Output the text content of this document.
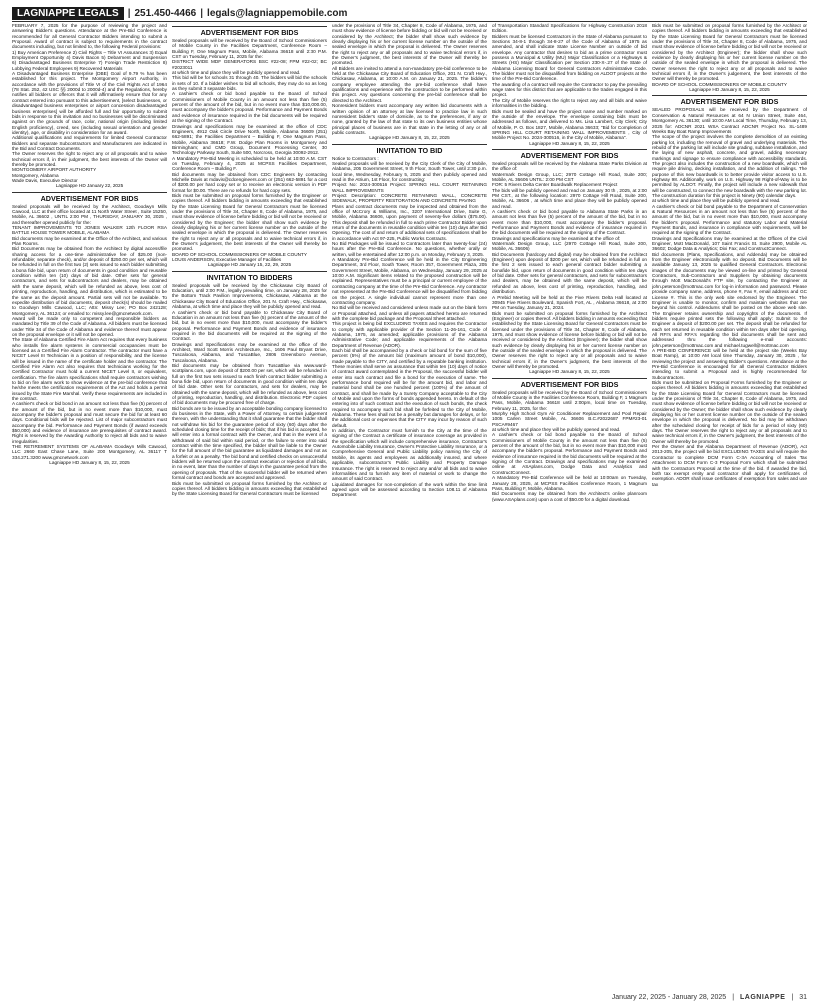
LAGNIAPPE LEGALS | 251.450-4466 | legals@lagniappemobile.com

FEBRUARY 7, 2025 for the purpose of reviewing the project and answering Bidder's questions. Attendance at the Pre-Bid Conference is recommended for all General Contractor Bidders intending to submit a Proposal. Award of contract is subject to requirements in the contract documents including, but not limited to, the following Federal provisions:

1) Buy American Preference 2) Civil Rights – Title VI Assurances 3) Equal Employment Opportunity 4) Davis Bacon 5) Debarment and Suspension 6) Disadvantaged Business Enterprise 7) Foreign Trade Restriction 8) Lobbying Federal Employees 9) Recovered Materials

A Disadvantaged Business Enterprise (DBE) Goal of 9.79 % has been established for this project. The Montgomery Airport Authority, in accordance with the provisions of Title VI of the Civil Rights Act of 1964 (78 Stat. 252, 42 USC §§ 2000d to 2000d-4) and the Regulations, hereby notifies all bidders or offerors that it will affirmatively ensure that for any contract entered into pursuant to this advertisement, [select businesses, or disadvantaged business enterprises or airport concession disadvantaged business enterprises] will be afforded full and fair opportunity to submit bids in response to this invitation and no businesses will be discriminated against on the grounds of race, color, national origin (including limited English proficiency), creed, sex (including sexual orientation and gender identity), age, or disability in consideration for an award.

Additional qualifications and requirements for limited General Contractor Bidders and separate Subcontractors and Manufacturers are indicated in the Bid and Contract Documents.

The Owner reserves the right to reject any or all proposals and to waive technical errors if, in their judgment, the best interests of the Owner will thereby be promoted.

MONTGOMERY AIRPORT AUTHORITY

Montgomery, Alabama

Wade Davis, Executive Director

Lagniappe HD January 22, 2025

ADVERTISEMENT FOR BIDS

Sealed proposals will be received by the Architect, Goodwyn Mills Cawood, LLC at their office located at 11 North Water Street , Suite 15250, Mobile, AL 36602 , UNTIL 2:00 PM , THURSDAY, JANUARY 30, 2025 , and thereafter opened publicly for the:

TENANT IMPROVEMENTS TO JONES WALKER 12th FLOOR RSA BATTLE HOUSE TOWER MOBILE, ALABAMA

Bid documents may be examined at the Office of the Architect, and various Plan Rooms.

Bid Documents may be obtained from the Architect by digital access/file sharing access for a one-time administrative fee of $25.00 (non-refundable; separate check), and/or deposit of $250.00 per set, which will be refunded in full on the first two (2) sets issued to each bidder submitting a bona fide bid, upon return of documents in good condition and reusable condition within ten (10) days of bid date. Other sets for general contractors, and sets for subcontractors and dealers, may be obtained with the same deposit, which will be refunded as above, less cost of printing, reproduction, handling, and distribution, which is estimated to be the same as the deposit amount. Partial sets will not be available. To expedite distribution of bid documents, deposit check(s) should be mailed to Goodwyn Mills Cawood, LLC; Attn: Missy Lee; PO Box 242128; Montgomery, AL 36124; or emailed to: missy.lee@gmcnetwork.com.

Award will be made only to competent and responsible bidders as mandated by Title 39 of the Code of Alabama. All bidders must be licensed under Title 34 of the Code of Alabama and evidence thereof must appear on the proposal envelope or it will not be opened.

The State of Alabama Certified Fire Alarm Act requires that every business who installs fire alarm systems in commercial occupancies must be licensed as a Certified Fire Alarm Contractor. The contractor must have a NICET Level III Technician in a position of responsibility, and the license will be issued in the name of the certificate holder and the contractor. The Certified Fire Alarm Act also requires that technicians working for the Certified Contractor must hold a current NICET Level II, or equivalent, certification. The fire alarm specifications shall require contractors wishing to bid on fire alarm work to show evidence at the pre-bid conference that he/she meets the certification requirements of the Act and holds a permit issued by the State Fire Marshal. Verify these requirements are included in the contract.

A cashier's check or bid bond in an amount not less than five (5) percent of the amount of the bid, but in no event more than $10,000, must accompany the bidder's proposal and must secure the bid for at least 60 days. Conditional bids will be rejected. List of major subcontractors must accompany the bid. Performance and Payment Bonds (if award exceeds $50,000) and evidence of insurance are prerequisites of contract award. Right is reserved by the Awarding Authority to reject all bids and to waive irregularities.

THE RETIREMENT SYSTEMS OF ALABAMA Goodwyn Mills Cawood, LLC 2660 East Chase Lane, Suite 200 Montgomery, AL 36117 T 334.271.3200 www.gmcnetwork.com

Lagniappe HD January 8, 15, 22, 2025

ADVERTISEMENT FOR BIDS

Sealed proposals will be received by the Board of School Commissioners of Mobile County in the Facilities Department, Conference Room – Building F, One Magnum Pass, Mobile, Alabama 36618 until 2:30 P.M. CST on Tuesday, February 11, 2025 for the:

DISTRICT WIDE MDF GENERATORS BSC #22-08; FPM #22-02; BC #2023011

at which time and place they will be publicly opened and read.

This bid will be for schools 31 through 40. The bidders will bid the schools in sets of 10. If a bidder wishes to bid all schools, they may do so as long as they submit 3 separate bids.

A cashier's check or bid bond payable to the Board of School Commissioners of Mobile County in an amount not less than five (5) percent of the amount of the bid, but in no event more than $10,000.00, must accompany the bidder's proposal. Performance and Payment Bonds and evidence of insurance required in the bid documents will be required at the signing of the Contract.

Drawings and specifications may be examined at the office of CDC Engineers, 4912 Oak Circle Drive North, Mobile, Alabama 36609 (251) 662-5891; the Facilities Department – Building F, One Magnum Pass, Mobile, Alabama 36618; F.W. Dodge Plan Rooms in Montgomery and Birmingham; and CMD Group, Document Processing Center, 30 Technology Parkway South, Suite 500, Norcross, Georgia 30092-2912.

A Mandatory Pre-Bid Meeting is scheduled to be held at 10:00 A.M. CST on Tuesday, February 4, 2025 at MCPSS Facilities Department, Conference Room – Building F.

Bid documents may be obtained from CDC Engineers by contacting Michelle Davis at mdavis@cdcengineers.com or (251) 662-5891 for a cost of $200.00 per hard copy set or to receive an electronic version in PDF format for $0.00. There are no refunds for hard copy sets.

Bids must be submitted on proposal forms furnished by the Engineer or copies thereof. All bidders bidding in amounts exceeding that established by the State Licensing Board for General Contractors must be licensed under the provisions of Title 34, Chapter 8, Code of Alabama, 1975, and must show evidence of license before bidding or bid will not be received or considered by the Engineer; the bidder shall show such evidence by clearly displaying his or her current license number on the outside of the sealed envelope in which the proposal is delivered. The Owner reserves the right to reject any or all proposals and to waive technical errors if, in the Owner's judgement, the best interests of the Owner will thereby be promoted.

BOARD OF SCHOOL COMMISSIONERS OF MOBILE COUNTY

LOUIS ANDERSON, Executive Manager of Facilities

Lagniappe HD January 15, 22, 29, 2025

INVITATION TO BIDDERS

Sealed proposals will be received by the Chickasaw City Board of Education, until 2:00 P.M., legally prevailing time, on January 28, 2025 for the Bottom Track Pavilion Improvements, Chickasaw, Alabama at the Chickasaw City Board of Education Office, 201 N. Craft Hwy., Chickasaw, Alabama, at which time and place they will be publicly opened and read.

A cashier's check or bid bond payable to Chickasaw City Board of Education in an amount not less than five (5) percent of the amount of the bid, but in no event more than $10,000, must accompany the bidder's proposal. Performance and Payment Bonds and evidence of insurance required in the bid documents will be required at the signing of the Contract.

Drawings and Specifications may be examined at the office of the Architect, Ward Scott Morris Architecture, Inc., 1606 Paul Bryant Drive, Tuscaloosa, Alabama, and TuscaBlue, 2806 Greensboro Avenue, Tuscaloosa, Alabama.

Bid documents may be obtained from TuscaBlue via www.ward-scottplans.com, upon deposit of $200.00 per set, which will be refunded in full on the first two sets issued to each finish contract bidder submitting a bona fide bid, upon return of documents in good condition within ten days of bid date. Other sets for contractors, and sets for dealers, may be obtained with the same deposit, which will be refunded as above, less cost of printing, reproduction, handling, and distribution. Electronic PDF copies of bid documents may be procured free of charge.

Bid bonds are to be issued by an acceptable bonding company licensed to do business in the State, with a Power of Attorney, to certain judgement thereon, with the understanding that it shall guarantee that the bidder shall not withdraw his bid for the guarantee period of sixty (60) days after the scheduled closing time for the receipt of bids; that if his bid is accepted, he will enter into a formal contract with the Owner, and that in the event of a withdrawal of said bid within said period, or the failure to enter into said contract within the time specified, the bidder shall be liable to the Owner for the full amount of the bid guarantee as liquidated damages and not as a forfeit or as a penalty. The bid bond and certified checks on unsuccessful bidders will be returned upon the contract execution or rejection of all bids, in no event, later than the number of days in the guarantee period from the opening of proposals. That of the successful bidder will be returned when formal contract and bonds are accepted and approved.

Bids must be submitted on proposal forms furnished by the Architect or copies thereof. All bidders bidding in amounts exceeding that established by the State Licensing Board for General Contractors must be licensed

under the provisions of Title 34, Chapter 8, Code of Alabama, 1975, and must show evidence of license before bidding or bid will not be received or considered by the Architect; the bidder shall show such evidence by clearly displaying his or her current license number on the outside of the sealed envelope in which the proposal is delivered. The Owner reserves the right to reject any or all proposals and to waive technical errors if, in the Owner's judgment, the best interests of the Owner will thereby be promoted.

All Bidders are invited to attend a non-mandatory pre-bid conference to be held at the Chickasaw City Board of Education Office, 201 N. Craft Hwy., Chickasaw, Alabama, at 10:00 A.M. on January 21, 2025. The bidder's company employee attending the pre-bid conference shall have qualifications and experience with the construction to be performed within this project. Any questions concerning the pre-bid conference shall be directed to the Architect.

Nonresident bidders must accompany any written bid documents with a written opinion of an attorney at law licensed to practice law in such nonresident bidder's state of domicile, as to the preferences, if any or none, granted by the law of that state to its own business entities whose principal places of business are in that state in the letting of any or all public contracts.

Lagniappe HD January 8, 15, 22, 2025

INVITATION TO BID

Notice to Contractors :

Sealed proposals will be received by the City Clerk of the City of Mobile, Alabama, 205 Government Street, 9 th Floor, South Tower, until 2:30 p.m. local time, Wednesday, February 5, 2025 and then publicly opened and read in the Atrium, 1st Floor, for constructing:

Project No: 2024-300516 Project: SPRING HILL COURT RETAINING WALL IMPROVEMENTS

Project Description: CONCRETE RETAINING WALL, CONCRETE SIDEWALK, PROPERTY RESTORATION AND CONCRETE PAVING

Plans and contract documents may be inspected and obtained from the office of McCrory & Williams, Inc., 3207 International Drive, Suite G, Mobile, Alabama 36606, upon payment of seventy-five dollars ($75.00). This deposit shall be refunded in full to each prime Contractor Bidder upon return of the documents in reusable condition within ten (10) days after Bid Opening. The cost of and return of additional sets of specifications shall be in accordance with Act 97-225, Public Works Contracts.

No Bid Packages will be issued to Contractors later than twenty-four (24) hours after the Pre-Bid Conference. No questions, whether orally or written, will be entertained after 12:00 p.m. on Monday, February 3, 2025.

A Mandatory Pre-Bid Conference will be held in the City Engineering Department, 3rd Floor, South Tower, Room 357, Government Plaza, 205 Government Street, Mobile, Alabama, on Wednesday, January 29, 2025 at 10:00 A.M. Significant items related to the proposed construction will be explained. Representatives must be a principal or current employee of the contracting company at the time of the Pre-Bid Conference. Any contractor not represented at the Pre-Bid Conference will be disqualified from bidding on the project. A single individual cannot represent more than one contracting company.

No Bid will be received and considered unless made out on the blank form or Proposal attached, and unless all papers attached hereto are returned with the complete bid package and the Proposal Sheet attached.

This project is being bid EXCLUDING TAXES and requires the Contractor to comply with applicable provider of the Section 11-26-161, Code of Alabama, 1975, as amended; applicable provisions of the Alabama Administrative Code; and applicable requirements of the Alabama Department of Revenue (ADOR).

Each bid shall be accompanied by a check or bid bond for the sum of five percent (5%) of the amount bid (maximum amount of bond $10,000), made payable to the CITY, and certified by a reputable banking institution. These monies shall serve as assurance that within ten (10) days of notice of contract award contemplated in the Proposal, the successful bidder will enter into such contract and file a bond for the execution of same. The performance bond required will be for the amount bid, and labor and material bond shall be one hundred percent (100%) of the amount of contract, and shall be made by a Surety Company acceptable to the City of Mobile and upon the forms of bonds appended hereto. In default of the entering into of such contract and the execution of such bonds, the check required to accompany such bid shall be forfeited to the City of Mobile, Alabama. These fees shall not be a penalty but damages for delays, or for the additional cost or expenses that the CITY may incur by reason of such default.

In addition, the Contractor must furnish to the City at the time of the signing of the Contract a certificate of insurance coverage as provided in the specification which will include comprehensive insurance, Contractor's Automobile Liability Insurance, Owner's Protective Liability Insurance, or a Comprehensive General and Public Liability policy naming the City of Mobile, its agents and employees as additionally insured, and where applicable, subcontractor's Public Liability and Property Damage Insurance. The right is reserved to reject any and/or all bids and to waive informalities and to furnish any item of material or work to change the amount of said Contract.

Liquidated damages for non-completion of the work within the time limit agreed upon will be assessed according to Section 108.11 of Alabama Department

of Transportation Standard Specifications for Highway Construction 2018 Edition.

Bidders must be licensed Contractors in the State of Alabama pursuant to Sections 34-8-1 through 34-8-27 of the Code of Alabama of 1975 as amended, and shall indicate State License Number on outside of bid envelope. Any contractor that desires to bid as a prime contractor must possess a Municipal & Utility (MU) Major Classification or a Highways & Streets (HS) Major Classification per Section 230-X-.27 of the State of Alabama Licensing Board for General Contractors Administrative Code. The bidder must not be disqualified from bidding on ALDOT projects at the time of the Pre-Bid Conference.

The awarding of a contract will require the Contractor to pay the prevailing wage rates for this district that are applicable to the trades engaged in this project.

The City of Mobile reserves the right to reject any and all bids and waive informalities in the bidding.

Bids must be sealed and have the project name and number marked on the outside of the envelope. The envelope containing bids must be addressed as follows, and delivered to Ms. Lisa Lambert, City Clerk; City of Mobile, P. O. Box 1827, Mobile, Alabama 36633; "Bid for Completion of SPRING HILL COURT RETAINING WALL IMPROVEMENTS , City of Mobile Project No. 2024-300516, in the City of Mobile, Alabama".

Lagniappe HD January 8, 15, 22, 2025

ADVERTISEMENT FOR BIDS

Sealed proposals will be received by the Alabama State Parks Division at the office of:

Watermark Design Group, LLC; 2970 Cottage Hill Road, Suite 200; Mobile, AL 36606 UNTIL: 2:00 PM CST

FOR: 5 Rivers Delta Center Boardwalk Replacement Project

The bids will be publicly opened and read on January 30 th , 2025, at 2:00 PM CST., at the following location: 2970 Cottage Hill Road, Suite 200, Mobile, AL 36606 , at which time and place they will be publicly opened and read.

A cashier's check or bid bond payable to Alabama State Parks in an amount not less than five (5) percent of the amount of the bid, but in no event more than $10,000, must accompany the bidder's proposal. Performance and Payment Bonds and evidence of insurance required in the bid documents will be required at the signing of the Contract.

Drawings and specifications may be examined at the office of:

Watermark Design Group, LLC (2970 Cottage Hill Road, Suite 200, Mobile, AL 36606)

Bid Documents (hardcopy and digital) may be obtained from the Architect (Engineer) upon deposit of $200 per set, which will be refunded in full on the first 2 sets issued to each general contract bidder submitting a bonafide bid, upon return of documents in good condition within ten days of bid date. Other sets for general contractors, and sets for subcontractors and dealers, may be obtained with the same deposit, which will be refunded as above, less cost of printing, reproduction, handling, and distribution.

A Prebid Meeting will be held at the Five Rivers Delta Hall located at 30945 Five Rivers Boulevard, Spanish Fort, AL , Alabama 36618, at 2:00 PM on Tuesday, January 21, 2024.

Bids must be submitted on proposal forms furnished by the Architect (Engineer) or copies thereof. All bidders bidding in amounts exceeding that established by the State Licensing Board for General Contractors must be licensed under the provisions of Title 34, Chapter 8, Code of Alabama, 1975, and must show evidence of license before bidding or bid will not be received or considered by the Architect (Engineer); the bidder shall show such evidence by clearly displaying his or her current license number on the outside of the sealed envelope in which the proposal is delivered. The Owner reserves the right to reject any or all proposals and to waive technical errors if, in the Owner's judgment, the best interests of the Owner will thereby be promoted.

Lagniappe HD January 8, 15, 22, 2025

ADVERTISEMENT FOR BIDS

Sealed proposals will be received by the Board of School Commissioners of Mobile County in the Facilities Conference Room, Building F, 1 Magnum Pass, Mobile, Alabama 36618 until 2:00pm, local time on Tuesday, February 11, 2025, for the:

Murphy High School Gym Air Conditioner Replacement and Pool Repair 1005 Carlen Street Mobile, AL 36606 B.C.#2022687 FPM#23-01 PSCA#9467

at which time and place they will be publicly opened and read.

A cashier's check or bid bond payable to the Board of School Commissioners of Mobile County in the amount not less than five (5) percent of the amount of the bid, but in no event more than $10,000 must accompany the bidder's proposal. Performance and Payment Bonds and evidence of insurance required in the bid documents will be required at the signing of the Contract. Drawings and specifications may be examined online at ASAplans.com, Dodge Data and Analytics and ConstructConnect.

A Mandatory Pre-Bid Conference will be held at 10:00am on Tuesday, January 28, 2025, at MCPSS Facilities Conference Room, 1 Magnum Pass, Building F, Mobile, Alabama.

Bid Documents may be obtained from the Architect's online planroom (www.ASAplans.com) upon a cost of $50.00 for a digital download.

Bids must be submitted on proposal forms furnished by the Architect or copies thereof. All bidders bidding in amounts exceeding that established by the State Licensing Board for General Contractors must be licensed under the provisions of Title 34, Chapter 8, Code of Alabama, 1975, and must show evidence of license before bidding or bid will not be received or considered by the Architect (Engineer); the bidder shall show such evidence by clearly displaying his or her current license number on the outside of the sealed envelope in which the proposal is delivered. The Owner reserves the right to reject any or all proposals and to waive technical errors if, in the Owner's judgement, the best interests of the Owner will thereby be promoted.

BOARD OF SCHOOL COMMISSIONERS OF MOBILE COUNTY

Lagniappe HD January 8, 15, 22, 2025

ADVERTISEMENT FOR BIDS

SEALED PROPOSALS will be received by the Department of Conservation & Natural Resources at 64 N Union Street, Suite 464, Montgomery AL 36130; until 10:00 AM Local Time, Thursday, February 13, 2025 for: ADCNR 2021 WSA Contract ADCNR Project No. SL-1489 Weeks Bay Boat Ramp Improvements

The scope of the project involves the complete demolition of an existing parking lot, including the removal of gravel and underlying materials. The rebuild of the parking lot will include site grading, subbase installation, and the laying of new asphalt, concrete, and gravel, adding necessary markings and signage to ensure compliance with accessibility standards. The project also includes the construction of a new boardwalk, which will require pile driving, decking installation, and the addition of railings. The purpose of this new boardwalk is to better provide visitor access to U.S. Highway 98. Additionally, work on U.S. Highway 98 Right-of-Way is to be permitted by ALDOT. Finally, the project will include a new sidewalk that will be constructed, to connect the new boardwalk with the new parking lot. The construction duration for this project is Ninety (90) calendar days.

at which time and place they will be publicly opened and read.

A cashier's check or bid bond payable to the Department of Conservation & Natural Resources in an amount not less than five (5) percent of the amount of the bid, but in no event more than $10,000, must accompany the bidder's proposal. Performance and statutory Labor and Material Payment Bonds, and insurance in compliance with requirements, will be required at the signing of the Contract.

Drawings and Specifications may be examined at the Offices of the Civil Engineer, Mott MacDonald, 107 Saint Francis St. Suite 2900, Mobile AL 36602; Dodge Data & Analytics; Dixi Fax; and ConstructConnect.

Bid documents (Plans, Specifications, and Addenda) may be obtained from the Engineer electronically with no deposit. Bid Documents will be available January 13, 2025 to qualified General Contractors. Electronic images of the documents may be viewed on-line and printed by General Contractors, Sub-Contractors and Suppliers by obtaining documents through Mott MacDonald's FTP site, by contacting the Engineer at john.peterson@mottmac.com for log-in information and password. Please provide company name, address, phone #, Fax #, email address and GC License #. This is the only web site endorsed by the Engineer. The Engineer is unable to monitor, confirm and maintain websites that are beyond his control. Addendums shall be posted on the above web site. The Engineer retains ownership and copyrights of the documents. If bidders require printed sets the following shall apply: Submit to the Engineer a deposit of $200.00 per set. The deposit shall be refunded for each set returned in reusable condition within ten days after bid opening. All RFI's and RFA's regarding the bid documents shall be sent and addressed thru the following e-mail accounts: john.peterson@mottmac.com and michael.tugwell@mottmac.com

A PRE-BID CONFERENCE will be held at the project site (Weeks Bay Boat Ramp), at 10:00 AM local time Thursday, January 30, 2025 , for reviewing the project and answering Bidder's questions. Attendance at the Pre-Bid Conference is encouraged for all General Contractor Bidders intending to submit a Proposal and is highly recommended for Subcontractors.

Bids must be submitted on Proposal Forms furnished by the Engineer or copies thereof. All bidders bidding in amounts exceeding that established by the State Licensing Board for General Contractors must be licensed under the provisions of Title 34, Chapter 8, Code of Alabama, 1975, and must show evidence of license before bidding or bid will not be received or considered by the Owner; the bidder shall show such evidence by clearly displaying his or her current license number on the outside of the sealed envelope in which the proposal is delivered. No bid may be withdrawn after the scheduled closing for receipt of bids for a period of sixty (60) days. The Owner reserves the right to reject any or all proposals and to waive technical errors if, in the Owner's judgment, the best interests of the Owner will thereby be promoted.

Per the Owner and the Alabama Department of Revenue (ADOR), Act 2013-205, the project will be bid EXCLUDING TAXES and will require the Contractor to complete DCM Form C-3A Accounting of Sales Tax Attachment to DCM Form C-3 Proposal Form which shall be submitted with the Contractors Proposal at the time of the bid. If awarded the bid, both tax exempt entity and contractor shall apply for certificates of exemption. ADOR shall issue certificates of exemption from sales and use tax

January 22, 2025 - January 28, 2025 | LAGNIAPPE | 31
